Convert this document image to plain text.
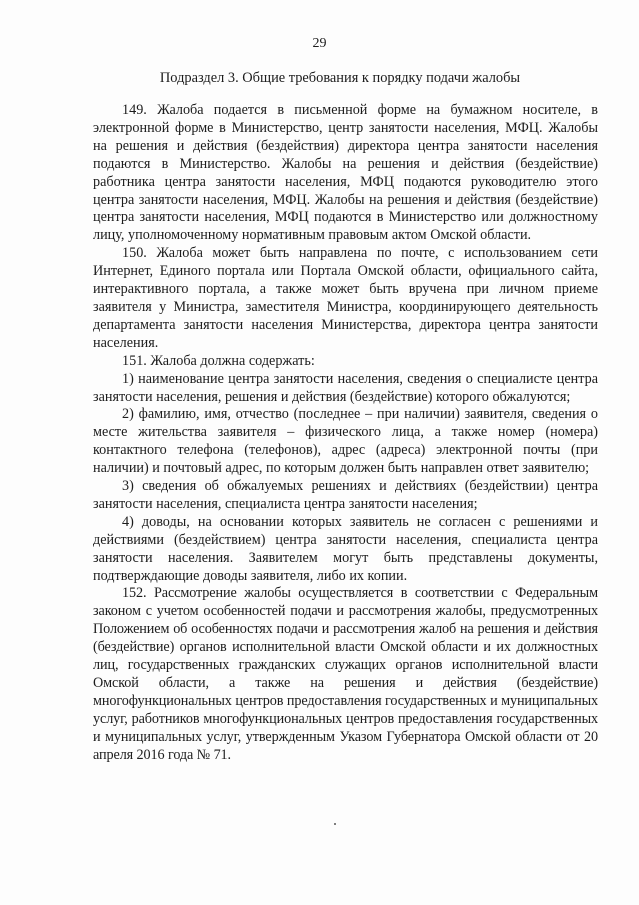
29
Подраздел 3. Общие требования к порядку подачи жалобы

149. Жалоба подается в письменной форме на бумажном носителе, в электронной форме в Министерство, центр занятости населения, МФЦ. Жалобы на решения и действия (бездействия) директора центра занятости населения подаются в Министерство. Жалобы на решения и действия (бездействие) работника центра занятости населения, МФЦ подаются руководителю этого центра занятости населения, МФЦ. Жалобы на решения и действия (бездействие) центра занятости населения, МФЦ подаются в Министерство или должностному лицу, уполномоченному нормативным правовым актом Омской области.

150. Жалоба может быть направлена по почте, с использованием сети Интернет, Единого портала или Портала Омской области, официального сайта, интерактивного портала, а также может быть вручена при личном приеме заявителя у Министра, заместителя Министра, координирующего деятельность департамента занятости населения Министерства, директора центра занятости населения.

151. Жалоба должна содержать:

1) наименование центра занятости населения, сведения о специалисте центра занятости населения, решения и действия (бездействие) которого обжалуются;

2) фамилию, имя, отчество (последнее – при наличии) заявителя, сведения о месте жительства заявителя – физического лица, а также номер (номера) контактного телефона (телефонов), адрес (адреса) электронной почты (при наличии) и почтовый адрес, по которым должен быть направлен ответ заявителю;

3) сведения об обжалуемых решениях и действиях (бездействии) центра занятости населения, специалиста центра занятости населения;

4) доводы, на основании которых заявитель не согласен с решениями и действиями (бездействием) центра занятости населения, специалиста центра занятости населения. Заявителем могут быть представлены документы, подтверждающие доводы заявителя, либо их копии.

152. Рассмотрение жалобы осуществляется в соответствии с Федеральным законом с учетом особенностей подачи и рассмотрения жалобы, предусмотренных Положением об особенностях подачи и рассмотрения жалоб на решения и действия (бездействие) органов исполнительной власти Омской области и их должностных лиц, государственных гражданских служащих органов исполнительной власти Омской области, а также на решения и действия (бездействие) многофункциональных центров предоставления государственных и муниципальных услуг, работников многофункциональных центров предоставления государственных и муниципальных услуг, утвержденным Указом Губернатора Омской области от 20 апреля 2016 года № 71.
